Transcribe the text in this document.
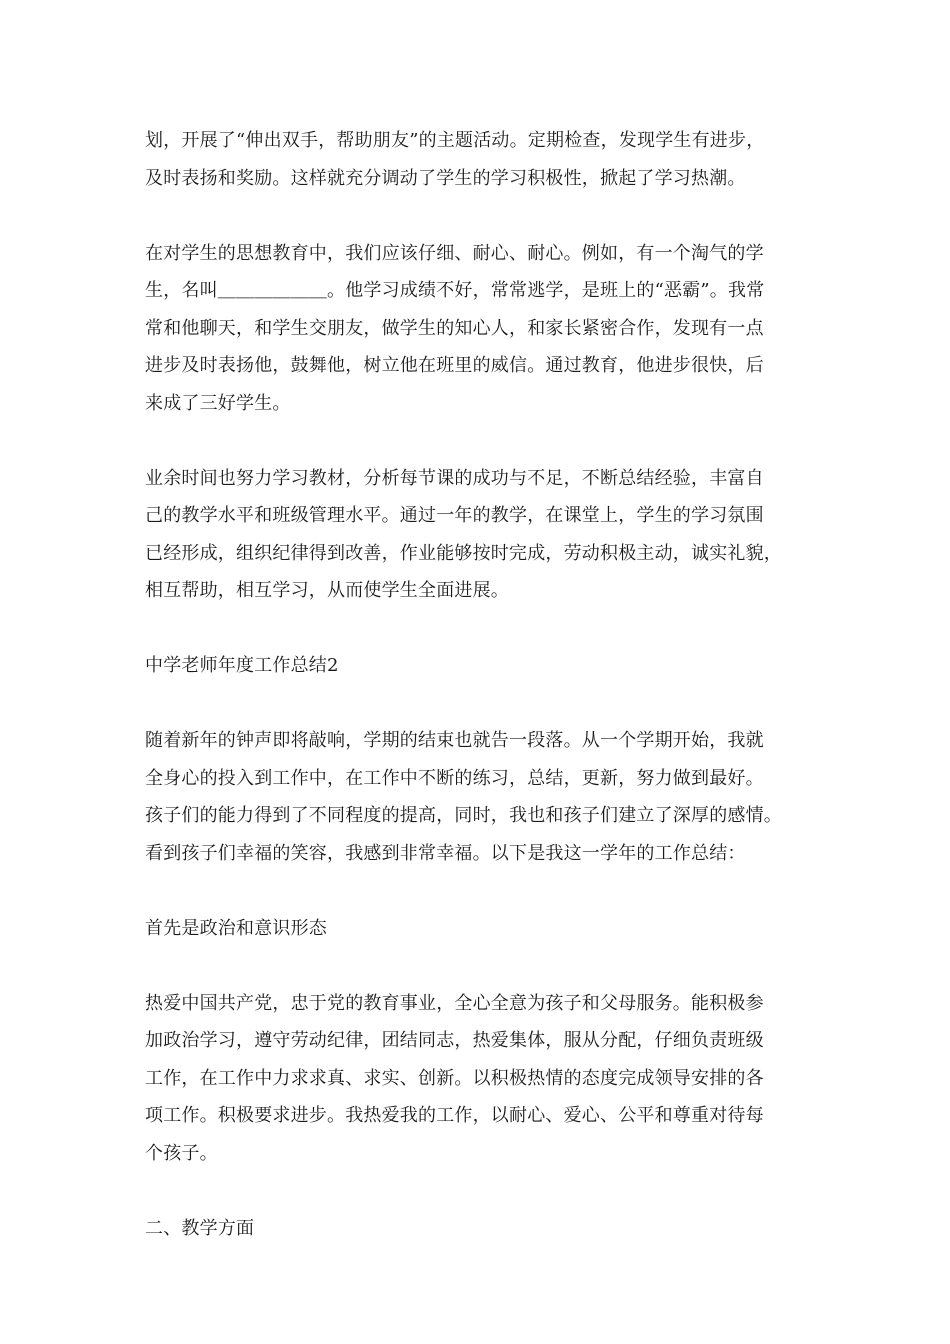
划，开展了“伸出双手，帮助朋友”的主题活动。定期检查，发现学生有进步，
及时表扬和奖励。这样就充分调动了学生的学习积极性，掀起了学习热潮。

在对学生的思想教育中，我们应该仔细、耐心、耐心。例如，有一个淘气的学
生，名叫＿＿＿＿＿＿。他学习成绩不好，常常逃学，是班上的“恶霸”。我常
常和他聊天，和学生交朋友，做学生的知心人，和家长紧密合作，发现有一点
进步及时表扬他，鼓舞他，树立他在班里的威信。通过教育，他进步很快，后
来成了三好学生。

业余时间也努力学习教材，分析每节课的成功与不足，不断总结经验，丰富自
己的教学水平和班级管理水平。通过一年的教学，在课堂上，学生的学习氛围
已经形成，组织纪律得到改善，作业能够按时完成，劳动积极主动，诚实礼貌，
相互帮助，相互学习，从而使学生全面进展。

中学老师年度工作总结2

随着新年的钟声即将敲响，学期的结束也就告一段落。从一个学期开始，我就
全身心的投入到工作中，在工作中不断的练习，总结，更新，努力做到最好。
孩子们的能力得到了不同程度的提高，同时，我也和孩子们建立了深厚的感情。
看到孩子们幸福的笑容，我感到非常幸福。以下是我这一学年的工作总结：

首先是政治和意识形态

热爱中国共产党，忠于党的教育事业，全心全意为孩子和父母服务。能积极参
加政治学习，遵守劳动纪律，团结同志，热爱集体，服从分配，仔细负责班级
工作，在工作中力求求真、求实、创新。以积极热情的态度完成领导安排的各
项工作。积极要求进步。我热爱我的工作，以耐心、爱心、公平和尊重对待每
个孩子。

二、教学方面
